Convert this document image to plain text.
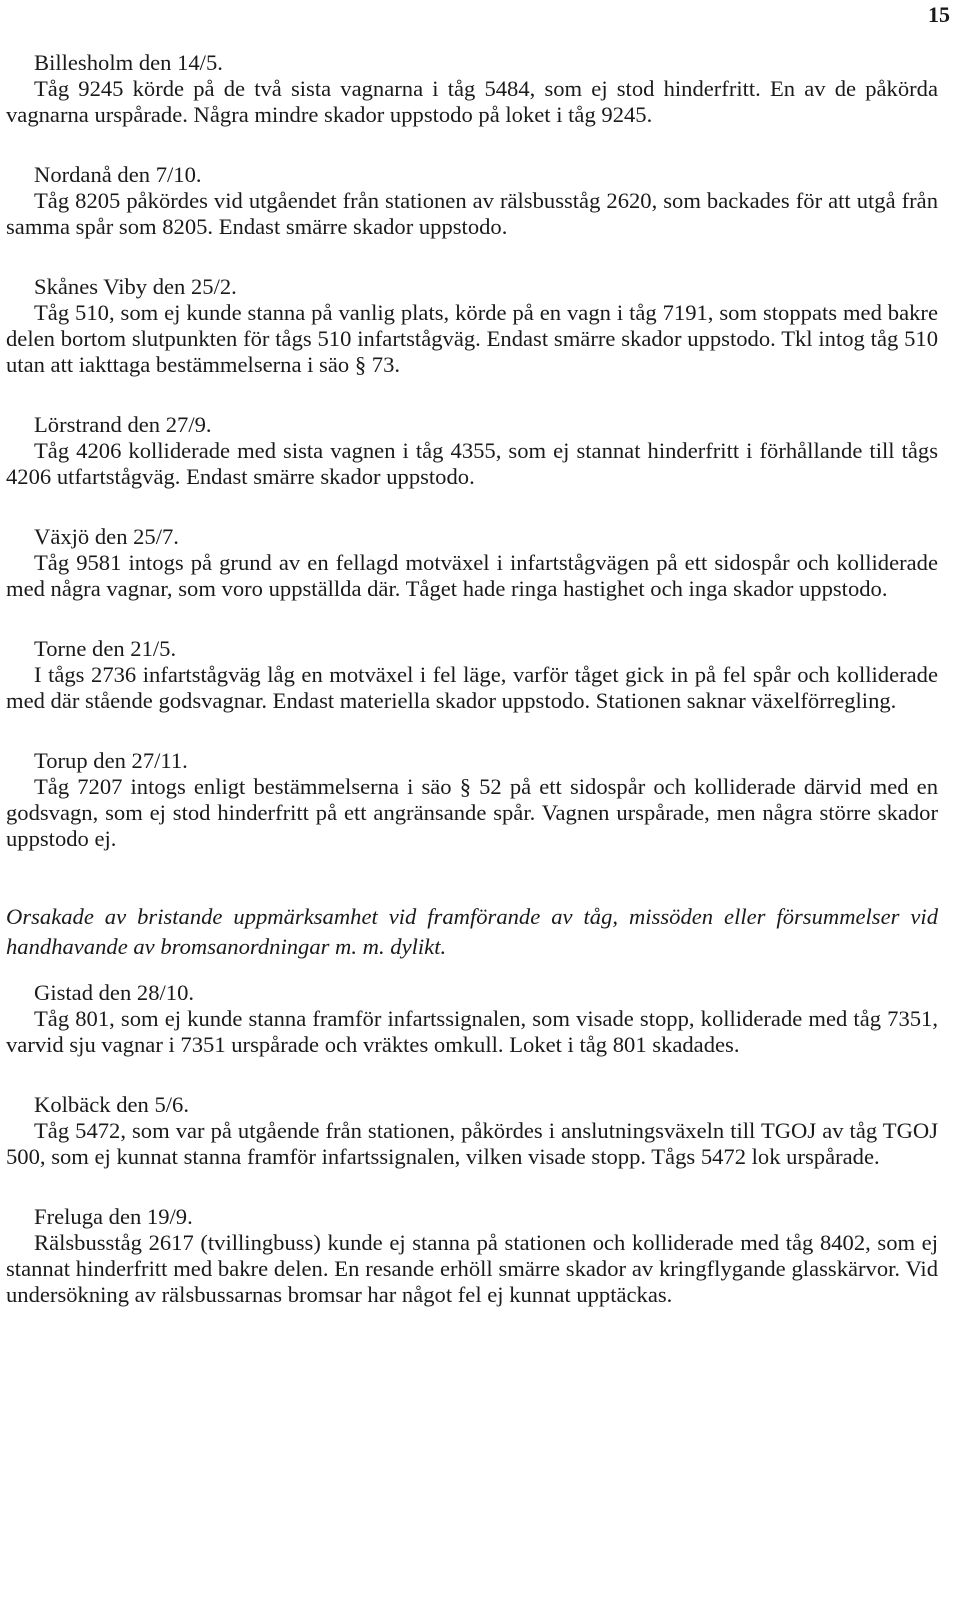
15

Billesholm den 14/5.
Tåg 9245 körde på de två sista vagnarna i tåg 5484, som ej stod hinderfritt. En av de påkörda vagnarna urspårade. Några mindre skador uppstodo på loket i tåg 9245.

Nordanå den 7/10.
Tåg 8205 påkördes vid utgåendet från stationen av rälsbusståg 2620, som backades för att utgå från samma spår som 8205. Endast smärre skador uppstodo.

Skånes Viby den 25/2.
Tåg 510, som ej kunde stanna på vanlig plats, körde på en vagn i tåg 7191, som stoppats med bakre delen bortom slutpunkten för tågs 510 infartstågväg. Endast smärre skador uppstodo. Tkl intog tåg 510 utan att iakttaga bestämmelserna i säo § 73.

Lörstrand den 27/9.
Tåg 4206 kolliderade med sista vagnen i tåg 4355, som ej stannat hinderfritt i förhållande till tågs 4206 utfartstågväg. Endast smärre skador uppstodo.

Växjö den 25/7.
Tåg 9581 intogs på grund av en fellagd motväxel i infartstågvägen på ett sidospår och kolliderade med några vagnar, som voro uppställda där. Tåget hade ringa hastighet och inga skador uppstodo.

Torne den 21/5.
I tågs 2736 infartstågväg låg en motväxel i fel läge, varför tåget gick in på fel spår och kolliderade med där stående godsvagnar. Endast materiella skador uppstodo. Stationen saknar växelförregling.

Torup den 27/11.
Tåg 7207 intogs enligt bestämmelserna i säo § 52 på ett sidospår och kolliderade därvid med en godsvagn, som ej stod hinderfritt på ett angränsande spår. Vagnen urspårade, men några större skador uppstodo ej.

Orsakade av bristande uppmärksamhet vid framförande av tåg, missöden eller försummelser vid handhavande av bromsanordningar m. m. dylikt.

Gistad den 28/10.
Tåg 801, som ej kunde stanna framför infartssignalen, som visade stopp, kolliderade med tåg 7351, varvid sju vagnar i 7351 urspårade och vräktes omkull. Loket i tåg 801 skadades.

Kolbäck den 5/6.
Tåg 5472, som var på utgående från stationen, påkördes i anslutningsväxeln till TGOJ av tåg TGOJ 500, som ej kunnat stanna framför infartssignalen, vilken visade stopp. Tågs 5472 lok urspårade.

Freluga den 19/9.
Rälsbusståg 2617 (tvillingbuss) kunde ej stanna på stationen och kolliderade med tåg 8402, som ej stannat hinderfritt med bakre delen. En resande erhöll smärre skador av kringflygande glasskärvor. Vid undersökning av rälsbussarnas bromsar har något fel ej kunnat upptäckas.
